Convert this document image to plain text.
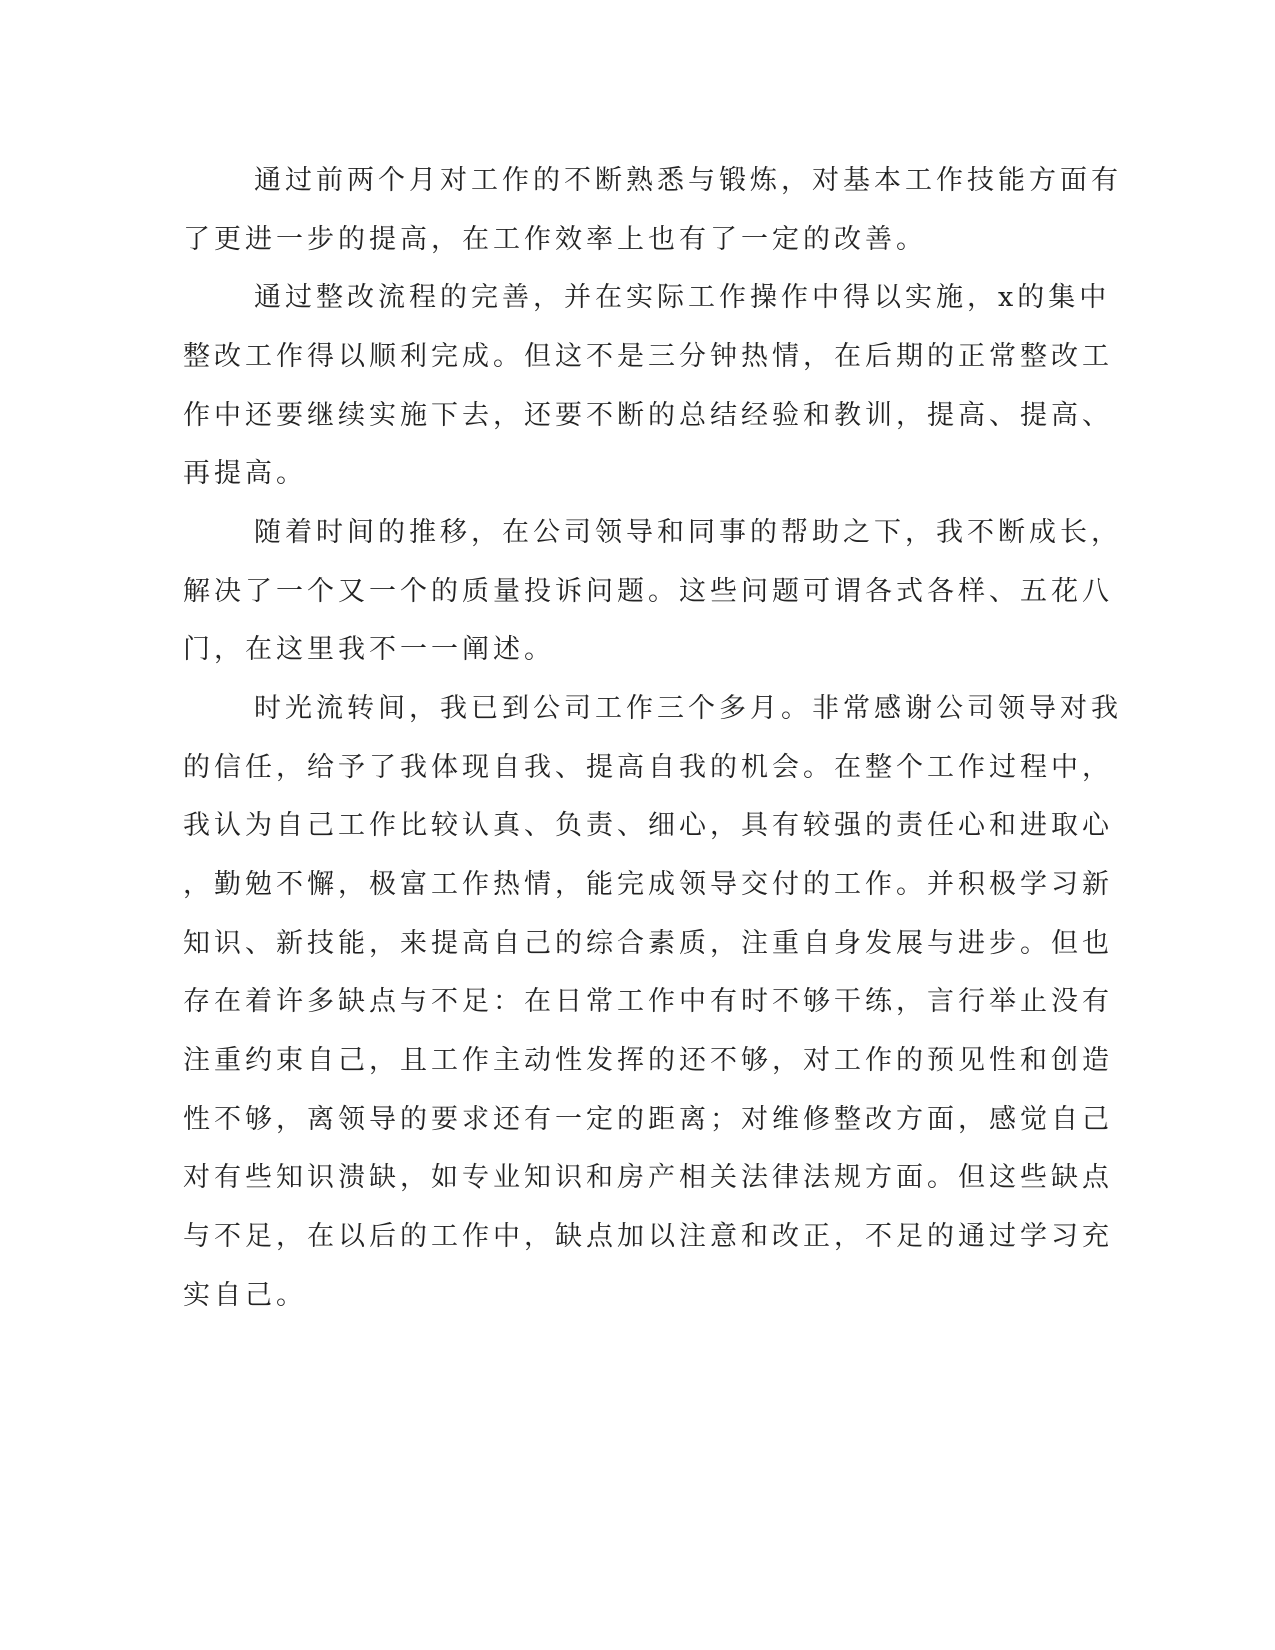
通过前两个月对工作的不断熟悉与锻炼，对基本工作技能方面有
了更进一步的提高，在工作效率上也有了一定的改善。
通过整改流程的完善，并在实际工作操作中得以实施，x的集中
整改工作得以顺利完成。但这不是三分钟热情，在后期的正常整改工
作中还要继续实施下去，还要不断的总结经验和教训，提高、提高、
再提高。
随着时间的推移，在公司领导和同事的帮助之下，我不断成长，
解决了一个又一个的质量投诉问题。这些问题可谓各式各样、五花八
门，在这里我不一一阐述。
时光流转间，我已到公司工作三个多月。非常感谢公司领导对我
的信任，给予了我体现自我、提高自我的机会。在整个工作过程中，
我认为自己工作比较认真、负责、细心，具有较强的责任心和进取心
，勤勉不懈，极富工作热情，能完成领导交付的工作。并积极学习新
知识、新技能，来提高自己的综合素质，注重自身发展与进步。但也
存在着许多缺点与不足：在日常工作中有时不够干练，言行举止没有
注重约束自己，且工作主动性发挥的还不够，对工作的预见性和创造
性不够，离领导的要求还有一定的距离；对维修整改方面，感觉自己
对有些知识溃缺，如专业知识和房产相关法律法规方面。但这些缺点
与不足，在以后的工作中，缺点加以注意和改正，不足的通过学习充
实自己。
